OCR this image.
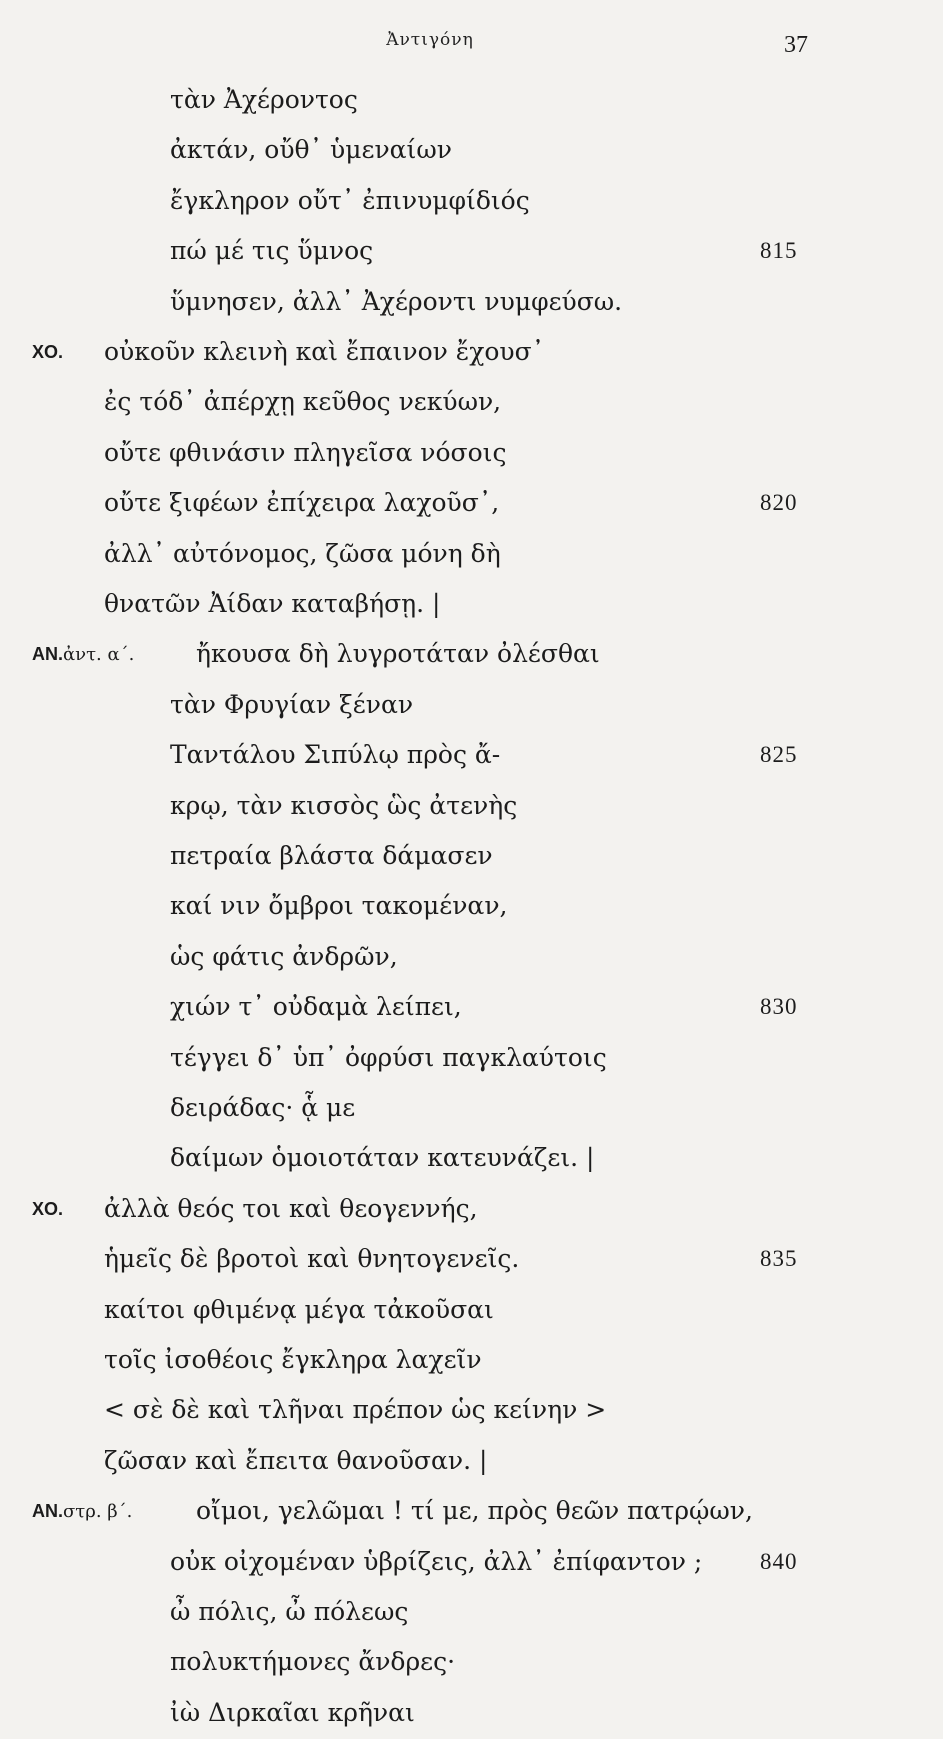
Ἀντιγόνη	37
τὰν Ἀχέροντος
ἀκτάν, οὔθ᾽ ὑμεναίων
ἔγκληρον οὔτ᾽ ἐπινυμφίδιός
πώ μέ τις ὕμνος	815
ὕμνησεν, ἀλλ᾽ Ἀχέροντι νυμφεύσω.
ΧΟ. οὐκοῦν κλεινὴ καὶ ἔπαινον ἔχουσ᾽
ἐς τόδ᾽ ἀπέρχῃ κεῦθος νεκύων,
οὔτε φθινάσιν πληγεῖσα νόσοις
οὔτε ξιφέων ἐπίχειρα λαχοῦσ᾽,	820
ἀλλ᾽ αὐτόνομος, ζῶσα μόνη δὴ
θνατῶν Ἀίδαν καταβήσῃ. |
ΑΝ.ἀντ. α΄. ἤκουσα δὴ λυγροτάταν ὀλέσθαι
τὰν Φρυγίαν ξέναν
Ταντάλου Σιπύλῳ πρὸς ἄ-	825
κρῳ, τὰν κισσὸς ὣς ἀτενὴς
πετραία βλάστα δάμασεν
καί νιν ὄμβροι τακομέναν,
ὡς φάτις ἀνδρῶν,
χιών τ᾽ οὐδαμὰ λείπει,	830
τέγγει δ᾽ ὑπ᾽ ὀφρύσι παγκλαύτοις
δειράδας· ᾇ με
δαίμων ὁμοιοτάταν κατευνάζει. |
ΧΟ. ἀλλὰ θεός τοι καὶ θεογεννής,
ἡμεῖς δὲ βροτοὶ καὶ θνητογενεῖς.	835
καίτοι φθιμένᾳ μέγα τἀκοῦσαι
τοῖς ἰσοθέοις ἔγκληρα λαχεῖν
< σὲ δὲ καὶ τλῆναι πρέπον ὡς κείνην >
ζῶσαν καὶ ἔπειτα θανοῦσαν. |
ΑΝ.στρ. β΄.	οἴμοι, γελῶμαι ! τί με, πρὸς θεῶν πατρῴων,
οὐκ οἰχομέναν ὑβρίζεις, ἀλλ᾽ ἐπίφαντον ;	840
ὦ πόλις, ὦ πόλεως
πολυκτήμονες ἄνδρες·
ἰὼ Διρκαῖαι κρῆναι
